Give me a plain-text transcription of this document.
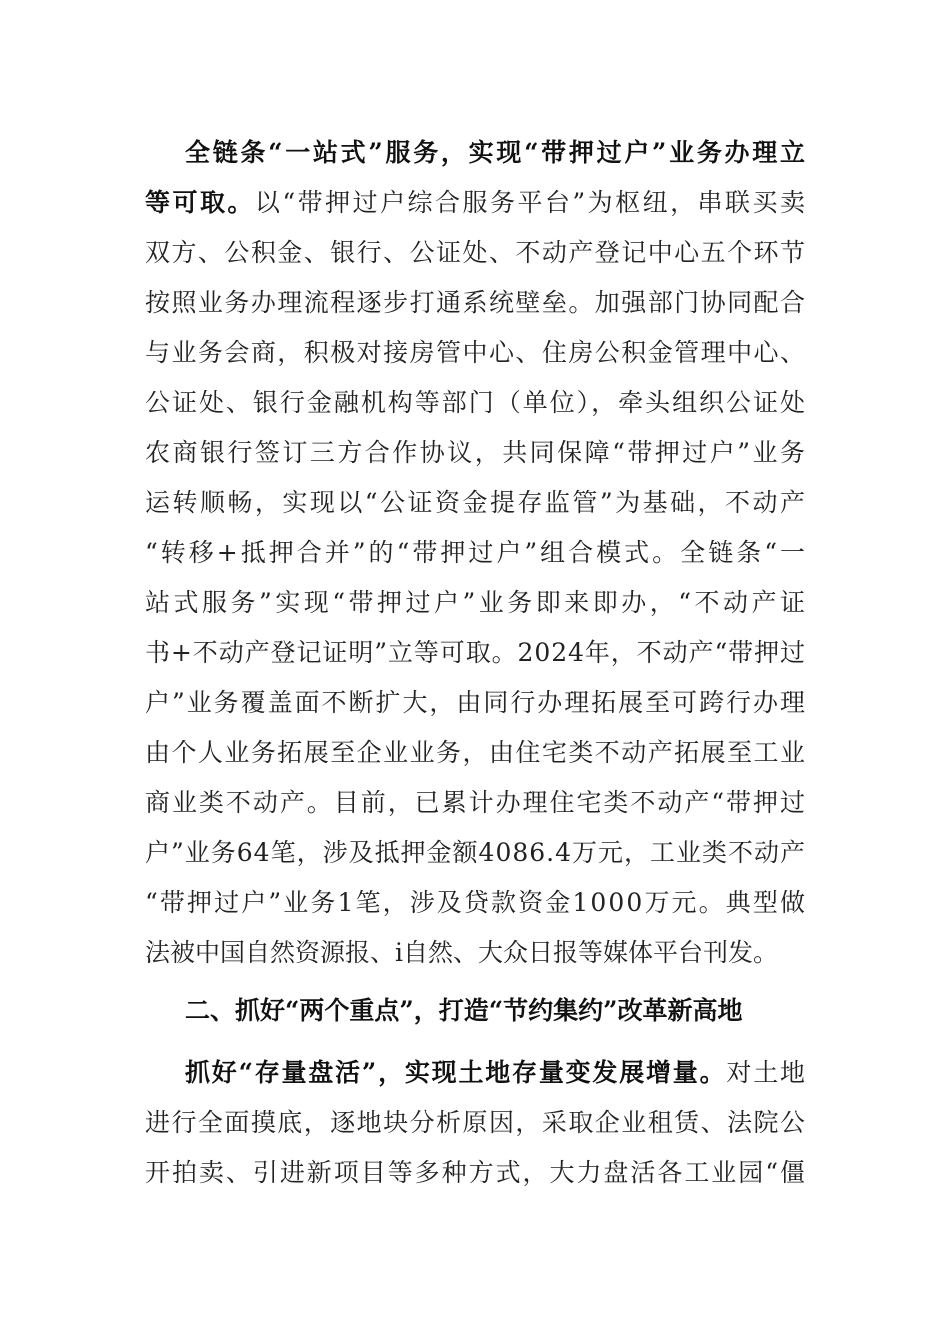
全链条“一站式”服务，实现“带押过户”业务办理立
等可取。以“带押过户综合服务平台”为枢纽，串联买卖
双方、公积金、银行、公证处、不动产登记中心五个环节
按照业务办理流程逐步打通系统壁垒。加强部门协同配合
与业务会商，积极对接房管中心、住房公积金管理中心、
公证处、银行金融机构等部门（单位），牵头组织公证处
农商银行签订三方合作协议，共同保障“带押过户”业务
运转顺畅，实现以“公证资金提存监管”为基础，不动产
“转移+抵押合并”的“带押过户”组合模式。全链条“一
站式服务”实现“带押过户”业务即来即办，“不动产证
书+不动产登记证明”立等可取。2024年，不动产“带押过
户”业务覆盖面不断扩大，由同行办理拓展至可跨行办理
由个人业务拓展至企业业务，由住宅类不动产拓展至工业
商业类不动产。目前，已累计办理住宅类不动产“带押过
户”业务64笔，涉及抵押金额4086.4万元，工业类不动产
“带押过户”业务1笔，涉及贷款资金1000万元。典型做
法被中国自然资源报、i自然、大众日报等媒体平台刊发。
二、抓好“两个重点”，打造“节约集约”改革新高地
抓好“存量盘活”，实现土地存量变发展增量。对土地
进行全面摸底，逐地块分析原因，采取企业租赁、法院公
开拍卖、引进新项目等多种方式，大力盘活各工业园“僵
